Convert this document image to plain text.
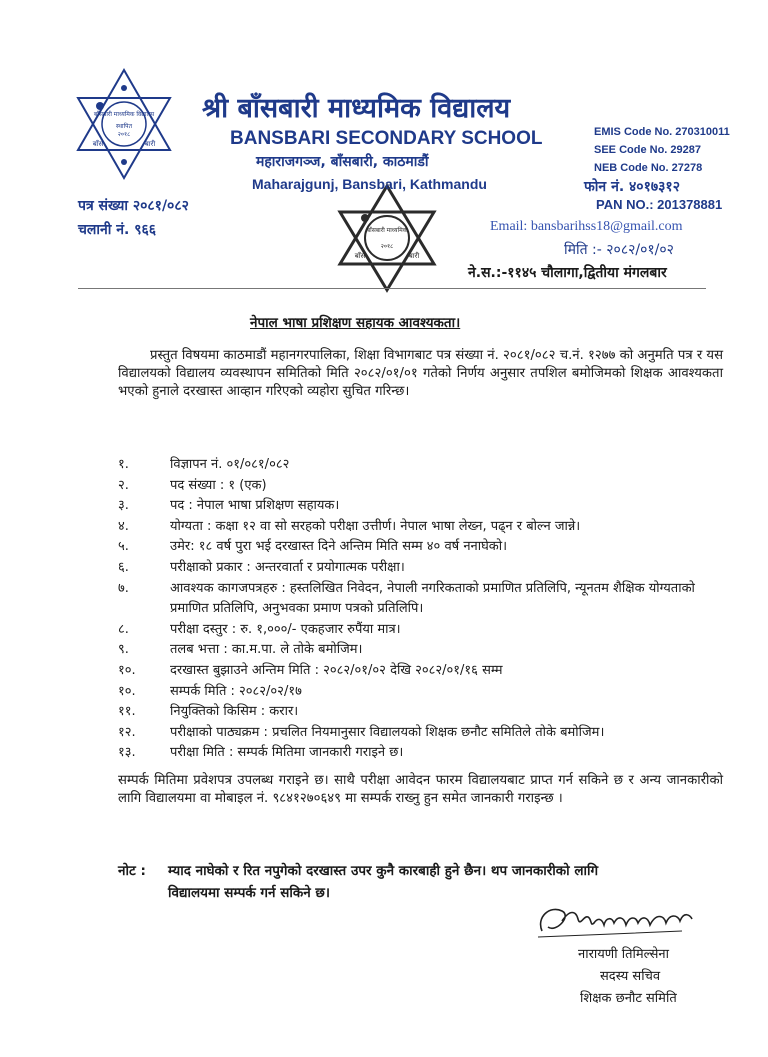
बाँसबारी माध्यमिक विद्यालय
स्थापित
२०१८
बाँस	बारी
बाँसबारी माध्यमिक
२०१८
बाँस	बारी
श्री बाँसबारी माध्यमिक विद्यालय
BANSBARI SECONDARY SCHOOL
महाराजगञ्ज, बाँसबारी, काठमाडौं
Maharajgunj, Bansbari, Kathmandu
EMIS Code No. 270310011
SEE Code No. 29287
NEB Code No. 27278
फोन नं. ४०१७३१२
PAN NO.: 201378881
Email: bansbarihss18@gmail.com
मिति :- २०८२/०१/०२
पत्र संख्या २०८१/०८२
चलानी नं. ९६६
ने.स.:-११४५ चौलागा,द्वितीया मंगलबार
नेपाल भाषा प्रशिक्षण सहायक आवश्यकता।
प्रस्तुत विषयमा काठमाडौं महानगरपालिका, शिक्षा विभागबाट पत्र संख्या नं. २०८१/०८२ च.नं. १२७७ को अनुमति पत्र र यस विद्यालयको विद्यालय व्यवस्थापन समितिको मिति २०८२/०१/०१ गतेको निर्णय अनुसार तपशिल बमोजिमको शिक्षक आवश्यकता भएको हुनाले दरखास्त आव्हान गरिएको व्यहोरा सुचित गरिन्छ।
१.	विज्ञापन नं. ०१/०८१/०८२
२.	पद संख्या : १ (एक)
३.	पद : नेपाल भाषा प्रशिक्षण सहायक।
४.	योग्यता : कक्षा १२ वा सो सरहको परीक्षा उत्तीर्ण। नेपाल भाषा लेख्न, पढ्न र बोल्न जान्ने।
५.	उमेर: १८ वर्ष पुरा भई दरखास्त दिने अन्तिम मिति सम्म ४० वर्ष ननाघेको।
६.	परीक्षाको प्रकार : अन्तरवार्ता र प्रयोगात्मक परीक्षा।
७.	आवश्यक कागजपत्रहरु : हस्तलिखित निवेदन, नेपाली नगरिकताको प्रमाणित प्रतिलिपि, न्यूनतम शैक्षिक योग्यताको प्रमाणित प्रतिलिपि, अनुभवका प्रमाण पत्रको प्रतिलिपि।
८.	परीक्षा दस्तुर : रु. १,०००/- एकहजार रुपैंया मात्र।
९.	तलब भत्ता : का.म.पा. ले तोके बमोजिम।
१०.	दरखास्त बुझाउने अन्तिम मिति : २०८२/०१/०२ देखि २०८२/०१/१६ सम्म
१०.	सम्पर्क मिति : २०८२/०२/१७
११.	नियुक्तिको किसिम : करार।
१२.	परीक्षाको पाठ्यक्रम : प्रचलित नियमानुसार विद्यालयको शिक्षक छनौट समितिले तोके बमोजिम।
१३.	परीक्षा मिति : सम्पर्क मितिमा जानकारी गराइने छ।
सम्पर्क मितिमा प्रवेशपत्र उपलब्ध गराइने छ। साथै परीक्षा आवेदन फारम विद्यालयबाट प्राप्त गर्न सकिने छ र अन्य जानकारीको लागि विद्यालयमा वा मोबाइल नं. ९८४१२७०६४९ मा सम्पर्क राख्नु हुन समेत जानकारी गराइन्छ ।
नोट : म्याद नाघेको र रित नपुगेको दरखास्त उपर कुनै कारबाही हुने छैन। थप जानकारीको लागि
विद्यालयमा सम्पर्क गर्न सकिने छ।
नारायणी तिमिल्सेना
सदस्य सचिव
शिक्षक छनौट समिति
